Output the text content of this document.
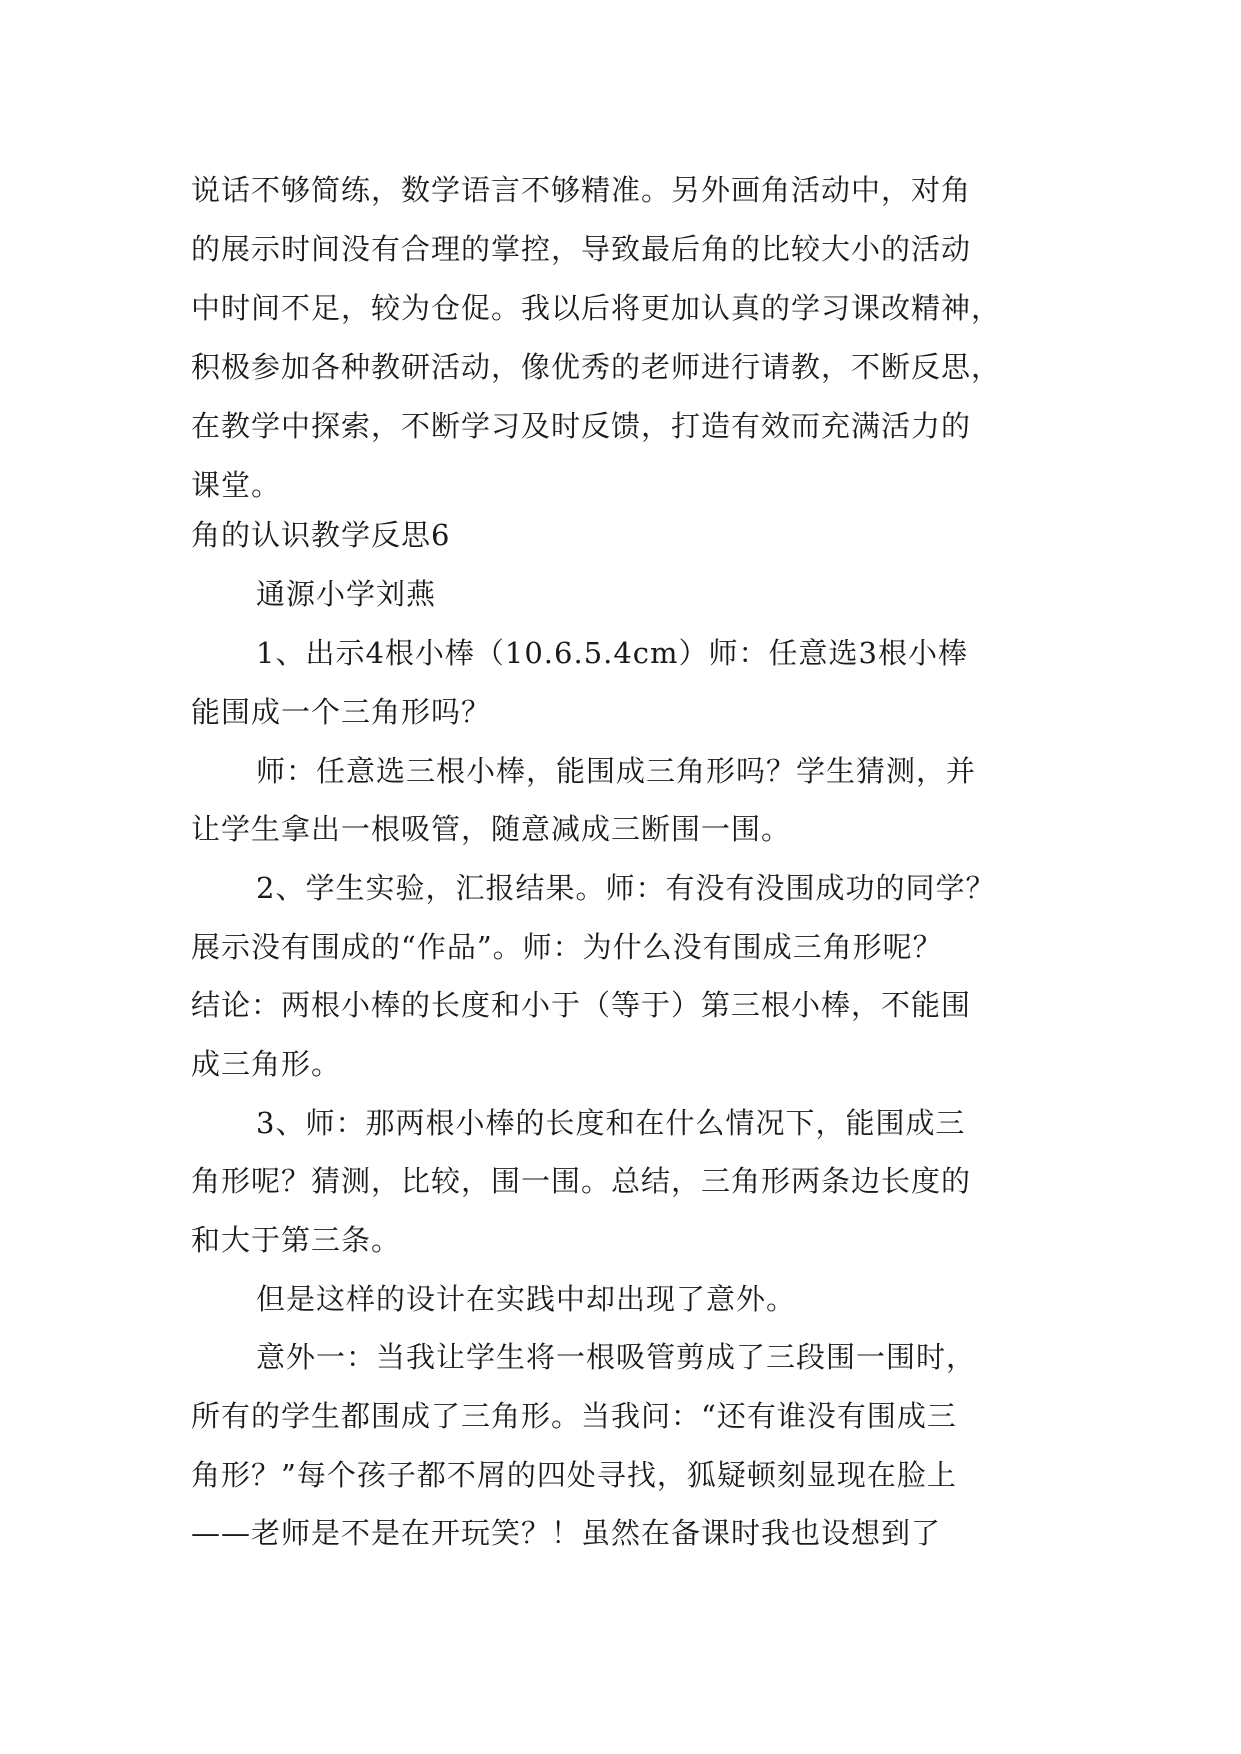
说话不够简练，数学语言不够精准。另外画角活动中，对角
的展示时间没有合理的掌控，导致最后角的比较大小的活动
中时间不足，较为仓促。我以后将更加认真的学习课改精神，
积极参加各种教研活动，像优秀的老师进行请教，不断反思，
在教学中探索，不断学习及时反馈，打造有效而充满活力的
课堂。
角的认识教学反思6
通源小学刘燕
1、出示4根小棒（10.6.5.4cm）师：任意选3根小棒
能围成一个三角形吗？
师：任意选三根小棒，能围成三角形吗？学生猜测，并
让学生拿出一根吸管，随意减成三断围一围。
2、学生实验，汇报结果。师：有没有没围成功的同学？
展示没有围成的“作品”。师：为什么没有围成三角形呢？
结论：两根小棒的长度和小于（等于）第三根小棒，不能围
成三角形。
3、师：那两根小棒的长度和在什么情况下，能围成三
角形呢？猜测，比较，围一围。总结，三角形两条边长度的
和大于第三条。
但是这样的设计在实践中却出现了意外。
意外一：当我让学生将一根吸管剪成了三段围一围时，
所有的学生都围成了三角形。当我问：“还有谁没有围成三
角形？”每个孩子都不屑的四处寻找，狐疑顿刻显现在脸上
——老师是不是在开玩笑？！虽然在备课时我也设想到了
